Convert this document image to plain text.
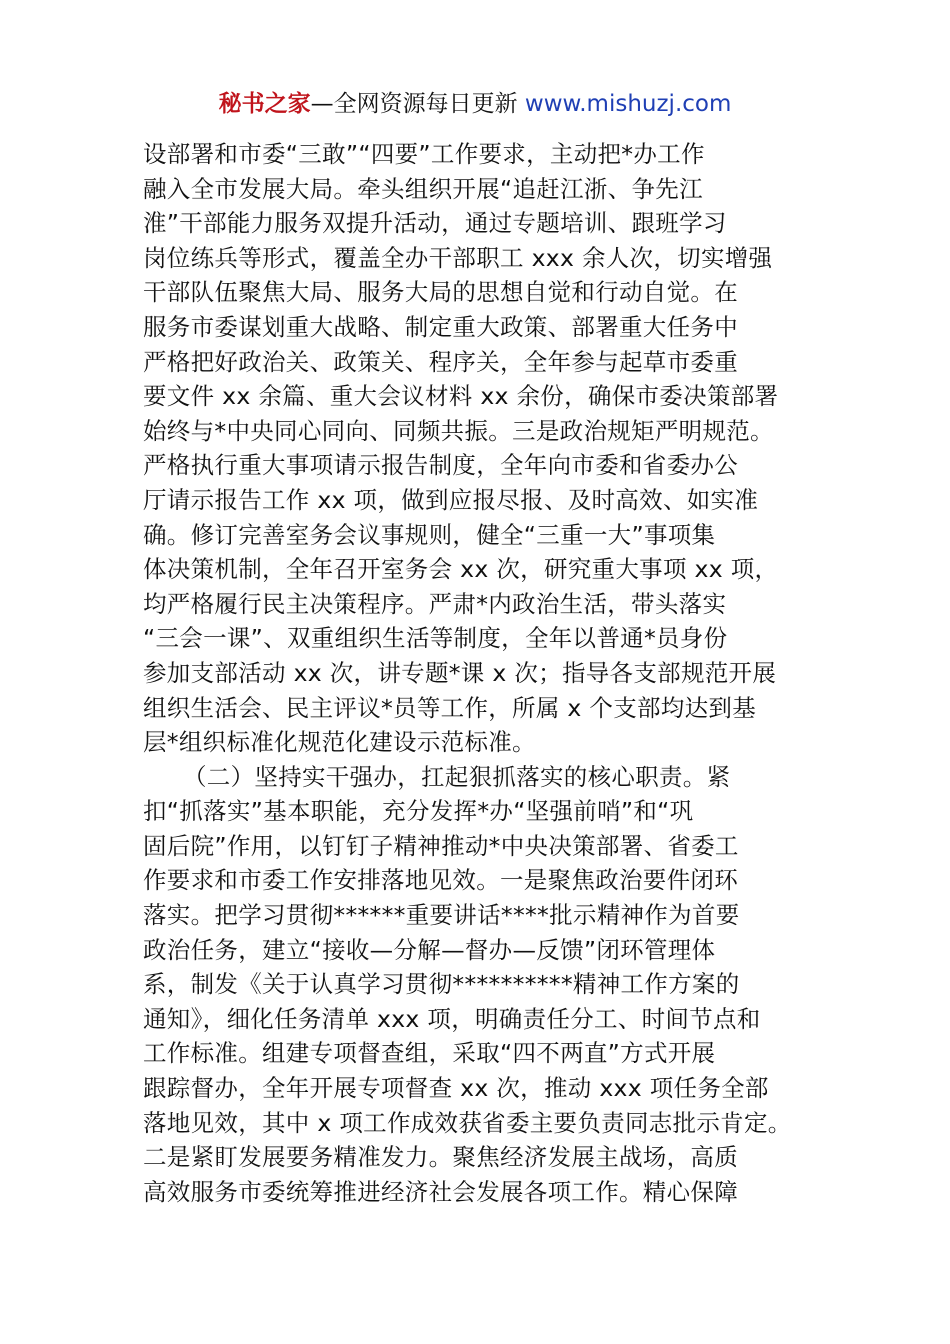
秘书之家—全网资源每日更新 www.mishuzj.com
设部署和市委“三敢”“四要”工作要求，主动把*办工作
融入全市发展大局。牵头组织开展“追赶江浙、争先江
淮”干部能力服务双提升活动，通过专题培训、跟班学习
岗位练兵等形式，覆盖全办干部职工 xxx 余人次，切实增强
干部队伍聚焦大局、服务大局的思想自觉和行动自觉。在
服务市委谋划重大战略、制定重大政策、部署重大任务中
严格把好政治关、政策关、程序关，全年参与起草市委重
要文件 xx 余篇、重大会议材料 xx 余份，确保市委决策部署
始终与*中央同心同向、同频共振。三是政治规矩严明规范。
严格执行重大事项请示报告制度，全年向市委和省委办公
厅请示报告工作 xx 项，做到应报尽报、及时高效、如实准
确。修订完善室务会议事规则，健全“三重一大”事项集
体决策机制，全年召开室务会 xx 次，研究重大事项 xx 项，
均严格履行民主决策程序。严肃*内政治生活，带头落实
“三会一课”、双重组织生活等制度，全年以普通*员身份
参加支部活动 xx 次，讲专题*课 x 次；指导各支部规范开展
组织生活会、民主评议*员等工作，所属 x 个支部均达到基
层*组织标准化规范化建设示范标准。
（二）坚持实干强办，扛起狠抓落实的核心职责。紧
扣“抓落实”基本职能，充分发挥*办“坚强前哨”和“巩
固后院”作用，以钉钉子精神推动*中央决策部署、省委工
作要求和市委工作安排落地见效。一是聚焦政治要件闭环
落实。把学习贯彻******重要讲话****批示精神作为首要
政治任务，建立“接收—分解—督办—反馈”闭环管理体
系，制发《关于认真学习贯彻**********精神工作方案的
通知》，细化任务清单 xxx 项，明确责任分工、时间节点和
工作标准。组建专项督查组，采取“四不两直”方式开展
跟踪督办，全年开展专项督查 xx 次，推动 xxx 项任务全部
落地见效，其中 x 项工作成效获省委主要负责同志批示肯定。
二是紧盯发展要务精准发力。聚焦经济发展主战场，高质
高效服务市委统筹推进经济社会发展各项工作。精心保障
